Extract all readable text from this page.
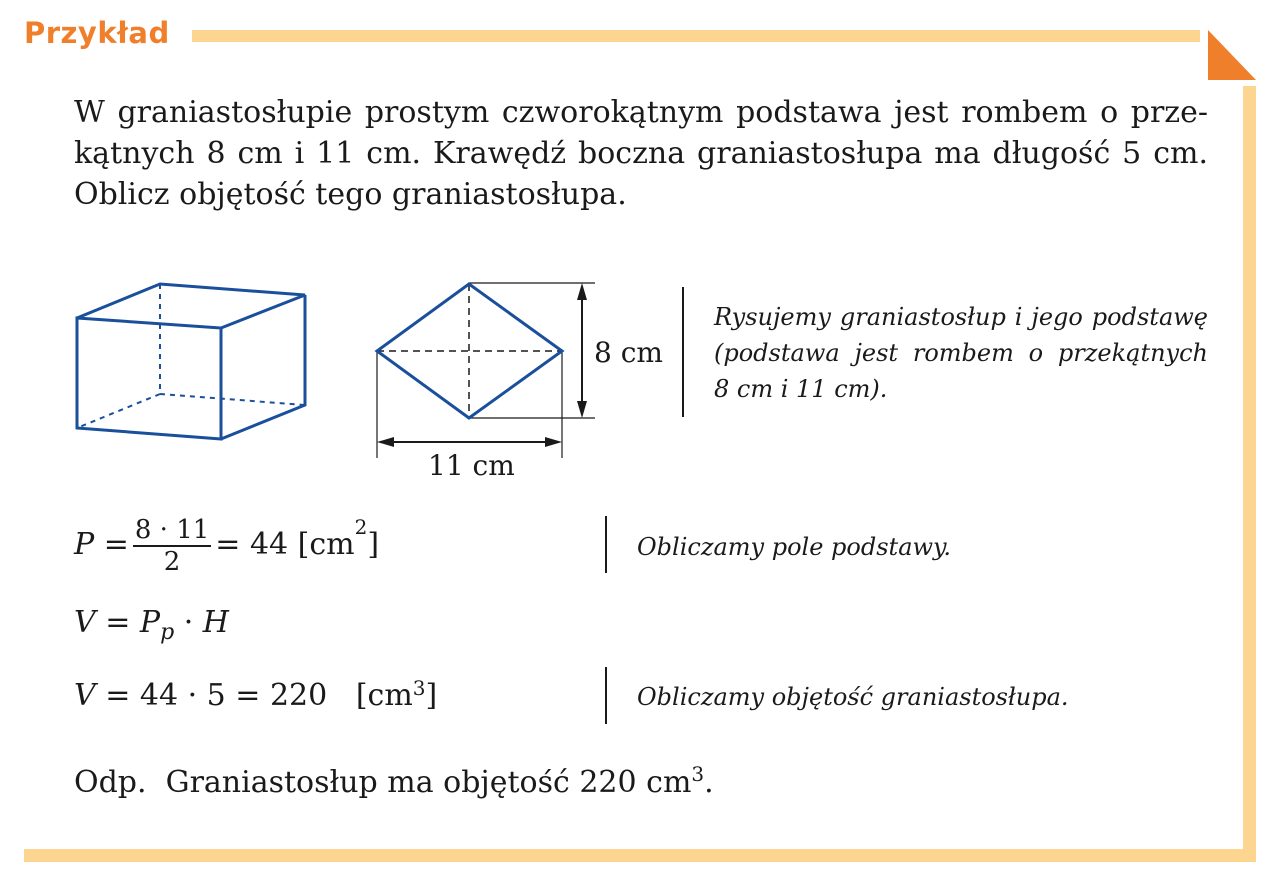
Przykład
W graniastosłupie prostym czworokątnym podstawa jest rombem o prze-
kątnych 8 cm i 11 cm. Krawędź boczna graniastosłupa ma długość 5 cm.
Oblicz objętość tego graniastosłupa.
8 cm
11 cm
Rysujemy graniastosłup i jego podstawę
(podstawa jest rombem o przekątnych
8 cm i 11 cm).
$P = \frac{8 \cdot 11}{2} = 44$ $[cm^2]$	Obliczamy pole podstawy.
$V = P_p \cdot H$
V = 44 · 5 = 220   $[cm^3]$	Obliczamy objętość graniastosłupa.
Odp.  Graniastosłup ma objętość 220 $cm^3$.
